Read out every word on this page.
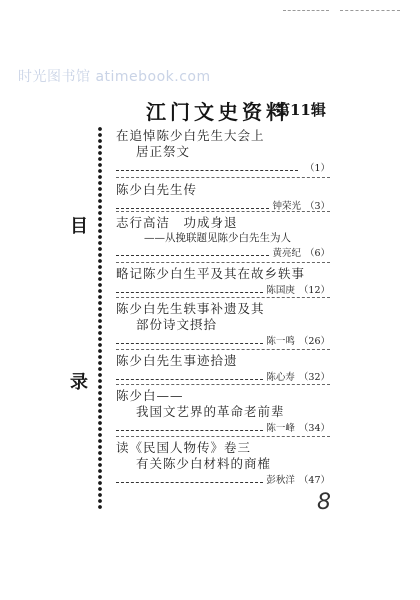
时光图书馆 atimebook.com
江门文史资料
第11辑
目
录
在追悼陈少白先生大会上
居正祭文
（1）
陈少白先生传
钟荣光 （3）
志行高洁　功成身退
——从挽联题见陈少白先生为人
黄亮纪 （6）
略记陈少白生平及其在故乡轶事
陈国庚 （12）
陈少白先生轶事补遗及其
部份诗文摂拾
陈一鸣 （26）
陈少白先生事迹拾遗
陈心寿 （32）
陈少白——
我国文艺界的革命老前辈
陈一峰 （34）
读《民国人物传》卷三
有关陈少白材料的商榷
彭秋洋 （47）
8
